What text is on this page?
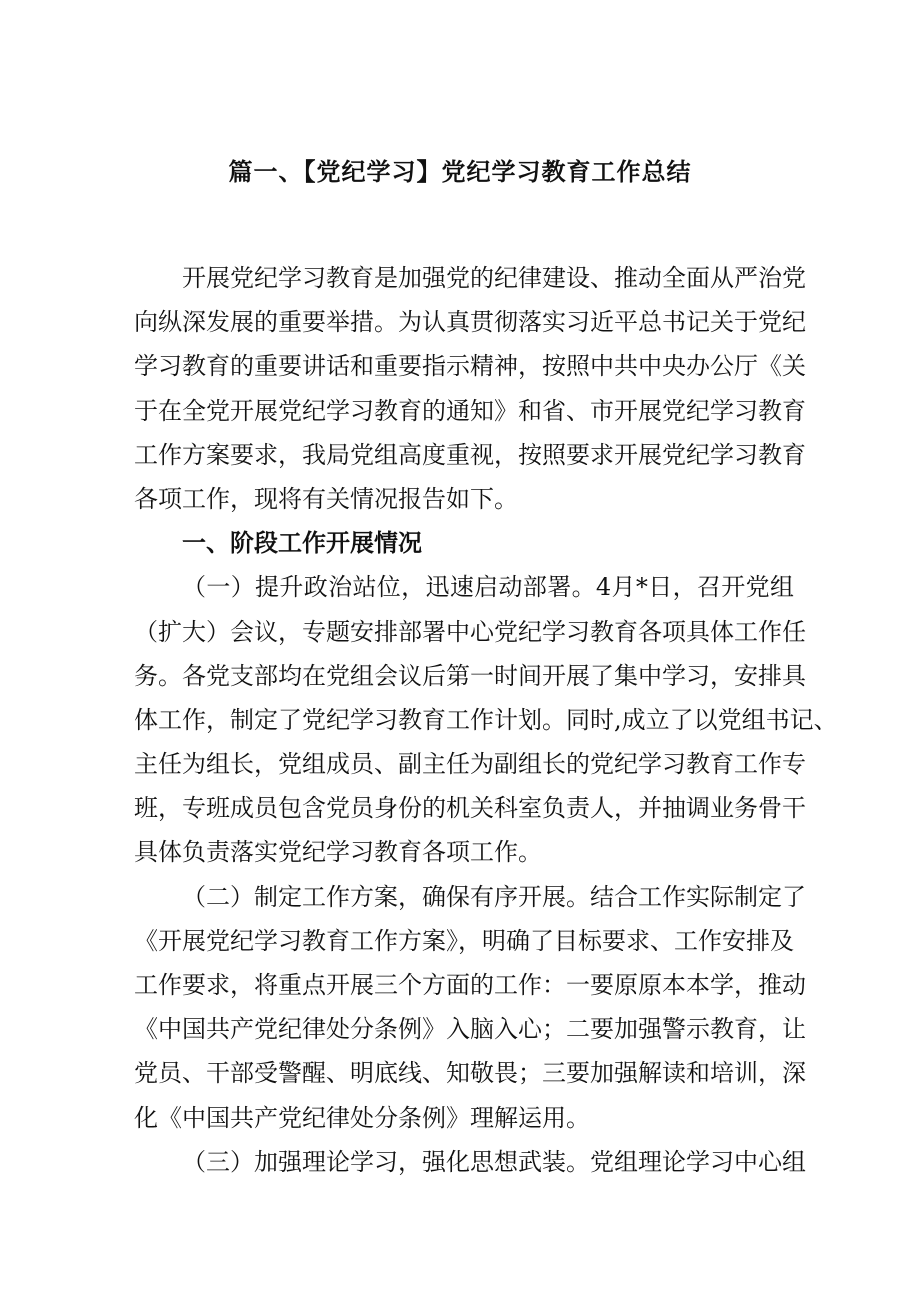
篇一、【党纪学习】党纪学习教育工作总结
开展党纪学习教育是加强党的纪律建设、推动全面从严治党
向纵深发展的重要举措。为认真贯彻落实习近平总书记关于党纪
学习教育的重要讲话和重要指示精神，按照中共中央办公厅《关
于在全党开展党纪学习教育的通知》和省、市开展党纪学习教育
工作方案要求，我局党组高度重视，按照要求开展党纪学习教育
各项工作，现将有关情况报告如下。
一、阶段工作开展情况
（一）提升政治站位，迅速启动部署。4月*日，召开党组
（扩大）会议，专题安排部署中心党纪学习教育各项具体工作任
务。各党支部均在党组会议后第一时间开展了集中学习，安排具
体工作，制定了党纪学习教育工作计划。同时,成立了以党组书记、
主任为组长，党组成员、副主任为副组长的党纪学习教育工作专
班，专班成员包含党员身份的机关科室负责人，并抽调业务骨干
具体负责落实党纪学习教育各项工作。
（二）制定工作方案，确保有序开展。结合工作实际制定了
《开展党纪学习教育工作方案》，明确了目标要求、工作安排及
工作要求，将重点开展三个方面的工作：一要原原本本学，推动
《中国共产党纪律处分条例》入脑入心；二要加强警示教育，让
党员、干部受警醒、明底线、知敬畏；三要加强解读和培训，深
化《中国共产党纪律处分条例》理解运用。
（三）加强理论学习，强化思想武装。党组理论学习中心组
